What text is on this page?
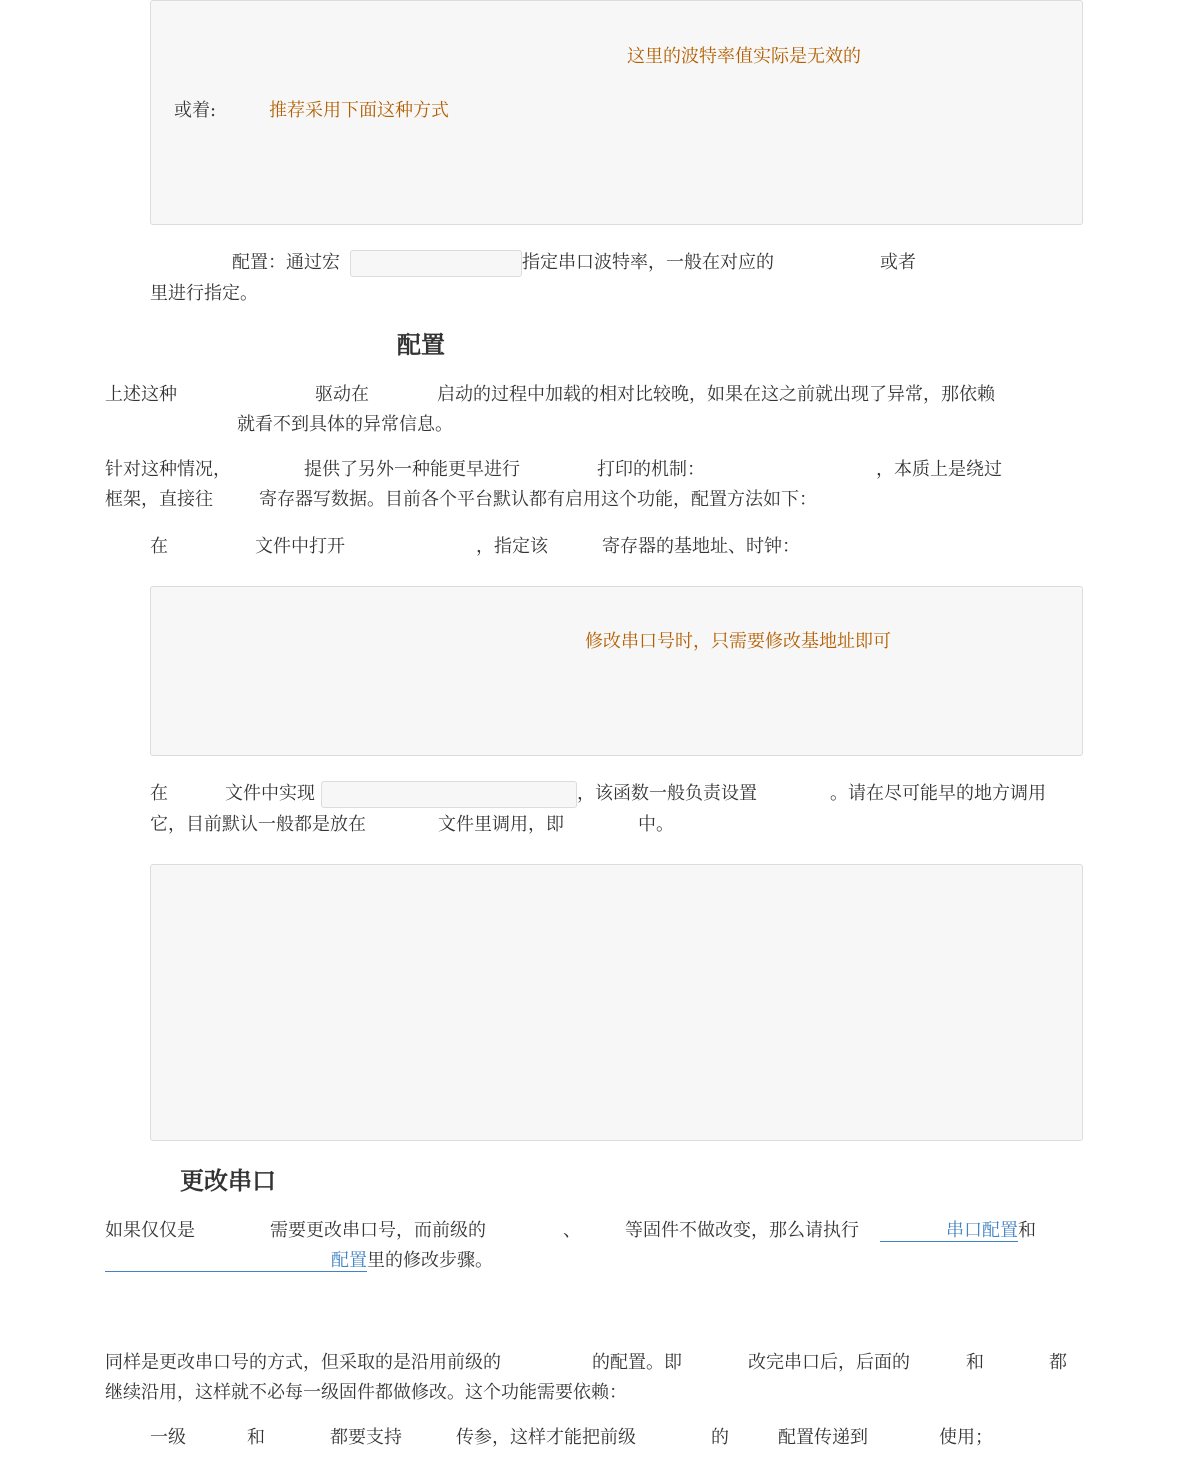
这里的波特率值实际是无效的
或着:	推荐采用下面这种方式
配置：通过宏	指定串口波特率，一般在对应的	或者
里进行指定。
配置
上述这种	驱动在	启动的过程中加载的相对比较晚，如果在这之前就出现了异常，那依赖
就看不到具体的异常信息。
针对这种情况，	提供了另外一种能更早进行	打印的机制：	，本质上是绕过
框架，直接往	寄存器写数据。目前各个平台默认都有启用这个功能，配置方法如下：
在	文件中打开	，指定该	寄存器的基地址、时钟：
修改串口号时，只需要修改基地址即可
在	文件中实现	，该函数一般负责设置	。请在尽可能早的地方调用
它，目前默认一般都是放在	文件里调用，即	中。
更改串口
如果仅仅是	需要更改串口号，而前级的	、 等固件不做改变，那么请执行	串口配置 和
配置 里的修改步骤。
同样是更改串口号的方式，但采取的是沿用前级的	的配置。即	改完串口后，后面的	和	都
继续沿用，这样就不必每一级固件都做修改。这个功能需要依赖：
一级	和	都要支持	传参，这样才能把前级	的	配置传递到	使用；
